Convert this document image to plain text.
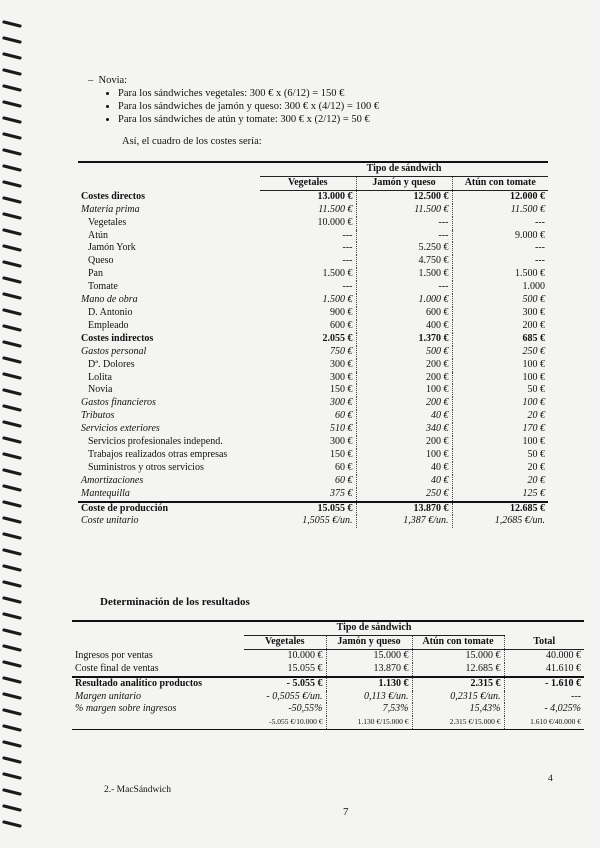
–  Novia:
• Para los sándwiches vegetales: 300 € x (6/12) = 150 €
• Para los sándwiches de jamón y queso: 300 € x (4/12) = 100 €
• Para los sándwiches de atún y tomate: 300 € x (2/12) = 50 €
Así, el cuadro de los costes sería:
	Tipo de sándwich		
	Vegetales	Jamón y queso	Atún con tomate
Costes directos	13.000 €	12.500 €	12.000 €
Materia prima	11.500 €	11.500 €	11.500 €
Vegetales	10.000 €	---	---
Atún	---	---	9.000 €
Jamón York	---	5.250 €	---
Queso	---	4.750 €	---
Pan	1.500 €	1.500 €	1.500 €
Tomate	---	---	1.000
Mano de obra	1.500 €	1.000 €	500 €
D. Antonio	900 €	600 €	300 €
Empleado	600 €	400 €	200 €
Costes indirectos	2.055 €	1.370 €	685 €
Gastos personal	750 €	500 €	250 €
Dª. Dolores	300 €	200 €	100 €
Lolita	300 €	200 €	100 €
Novia	150 €	100 €	50 €
Gastos financieros	300 €	200 €	100 €
Tributos	60 €	40 €	20 €
Servicios exteriores	510 €	340 €	170 €
Servicios profesionales independ.	300 €	200 €	100 €
Trabajos realizados otras empresas	150 €	100 €	50 €
Suministros y otros servicios	60 €	40 €	20 €
Amortizaciones	60 €	40 €	20 €
Mantequilla	375 €	250 €	125 €
Coste de producción	15.055 €	13.870 €	12.685 €
Coste unitario	1,5055 €/un.	1,387 €/un.	1,2685 €/un.
Determinación de los resultados
	Tipo de sándwich			
	Vegetales	Jamón y queso	Atún con tomate	Total
Ingresos por ventas	10.000 €	15.000 €	15.000 €	40.000 €
Coste final de ventas	15.055 €	13.870 €	12.685 €	41.610 €
Resultado analítico productos	- 5.055 €	1.130 €	2.315 €	- 1.610 €
Margen unitario	- 0,5055 €/un.	0,113 €/un.	0,2315 €/un.	---
% margen sobre ingresos	-50,55%	7,53%	15,43%	- 4,025%
	-5.055 €/10.000 €	1.130 €/15.000 €	2.315 €/15.000 €	1.610 €/40.000 €
2.- MacSándwich
4
7
